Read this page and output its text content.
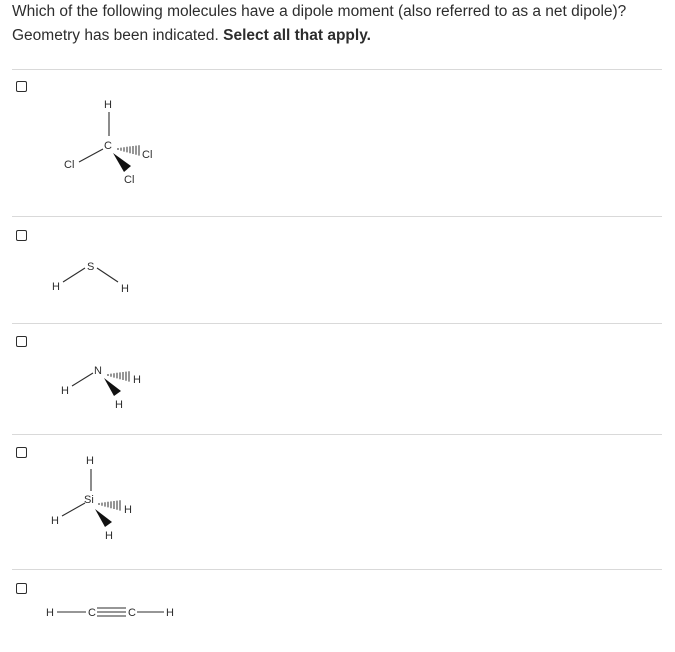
Which of the following molecules have a dipole moment (also referred to as a net dipole)?
Geometry has been indicated. Select all that apply.
H
C
Cl
Cl
Cl
S
H	H
N
H
H
H
H
Si
H
H
H
H	C	C	H
